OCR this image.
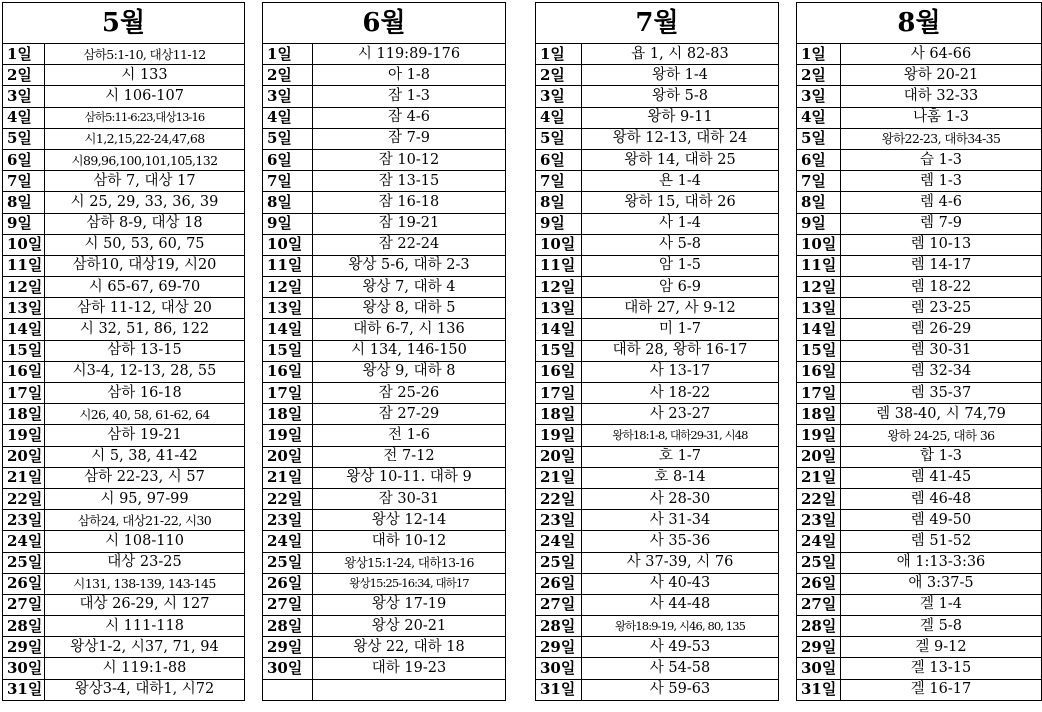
5월	
1일	삼하5:1-10, 대상11-12
2일	시 133
3일	시 106-107
4일	삼하5:11-6:23,대상13-16
5일	시1,2,15,22-24,47,68
6일	시89,96,100,101,105,132
7일	삼하 7, 대상 17
8일	시 25, 29, 33, 36, 39
9일	삼하 8-9, 대상 18
10일	시 50, 53, 60, 75
11일	삼하10, 대상19, 시20
12일	시 65-67, 69-70
13일	삼하 11-12, 대상 20
14일	시 32, 51, 86, 122
15일	삼하 13-15
16일	시3-4, 12-13, 28, 55
17일	삼하 16-18
18일	시26, 40, 58, 61-62, 64
19일	삼하 19-21
20일	시 5, 38, 41-42
21일	삼하 22-23, 시 57
22일	시 95, 97-99
23일	삼하24, 대상21-22, 시30
24일	시 108-110
25일	대상 23-25
26일	시131, 138-139, 143-145
27일	대상 26-29, 시 127
28일	시 111-118
29일	왕상1-2, 시37, 71, 94
30일	시 119:1-88
31일	왕상3-4, 대하1, 시72
6월	
1일	시 119:89-176
2일	아 1-8
3일	잠 1-3
4일	잠 4-6
5일	잠 7-9
6일	잠 10-12
7일	잠 13-15
8일	잠 16-18
9일	잠 19-21
10일	잠 22-24
11일	왕상 5-6, 대하 2-3
12일	왕상 7, 대하 4
13일	왕상 8, 대하 5
14일	대하 6-7, 시 136
15일	시 134, 146-150
16일	왕상 9, 대하 8
17일	잠 25-26
18일	잠 27-29
19일	전 1-6
20일	전 7-12
21일	왕상 10-11. 대하 9
22일	잠 30-31
23일	왕상 12-14
24일	대하 10-12
25일	왕상15:1-24, 대하13-16
26일	왕상15:25-16:34, 대하17
27일	왕상 17-19
28일	왕상 20-21
29일	왕상 22, 대하 18
30일	대하 19-23

7월	
1일	욥 1, 시 82-83
2일	왕하 1-4
3일	왕하 5-8
4일	왕하 9-11
5일	왕하 12-13, 대하 24
6일	왕하 14, 대하 25
7일	욘 1-4
8일	왕하 15, 대하 26
9일	사 1-4
10일	사 5-8
11일	암 1-5
12일	암 6-9
13일	대하 27, 사 9-12
14일	미 1-7
15일	대하 28, 왕하 16-17
16일	사 13-17
17일	사 18-22
18일	사 23-27
19일	왕하18:1-8, 대하29-31, 시48
20일	호 1-7
21일	호 8-14
22일	사 28-30
23일	사 31-34
24일	사 35-36
25일	사 37-39, 시 76
26일	사 40-43
27일	사 44-48
28일	왕하18:9-19, 시46, 80, 135
29일	사 49-53
30일	사 54-58
31일	사 59-63
8월	
1일	사 64-66
2일	왕하 20-21
3일	대하 32-33
4일	나훔 1-3
5일	왕하22-23, 대하34-35
6일	습 1-3
7일	렘 1-3
8일	렘 4-6
9일	렘 7-9
10일	렘 10-13
11일	렘 14-17
12일	렘 18-22
13일	렘 23-25
14일	렘 26-29
15일	렘 30-31
16일	렘 32-34
17일	렘 35-37
18일	렘 38-40, 시 74,79
19일	왕하 24-25, 대하 36
20일	합 1-3
21일	렘 41-45
22일	렘 46-48
23일	렘 49-50
24일	렘 51-52
25일	애 1:13-3:36
26일	애 3:37-5
27일	겔 1-4
28일	겔 5-8
29일	겔 9-12
30일	겔 13-15
31일	겔 16-17
